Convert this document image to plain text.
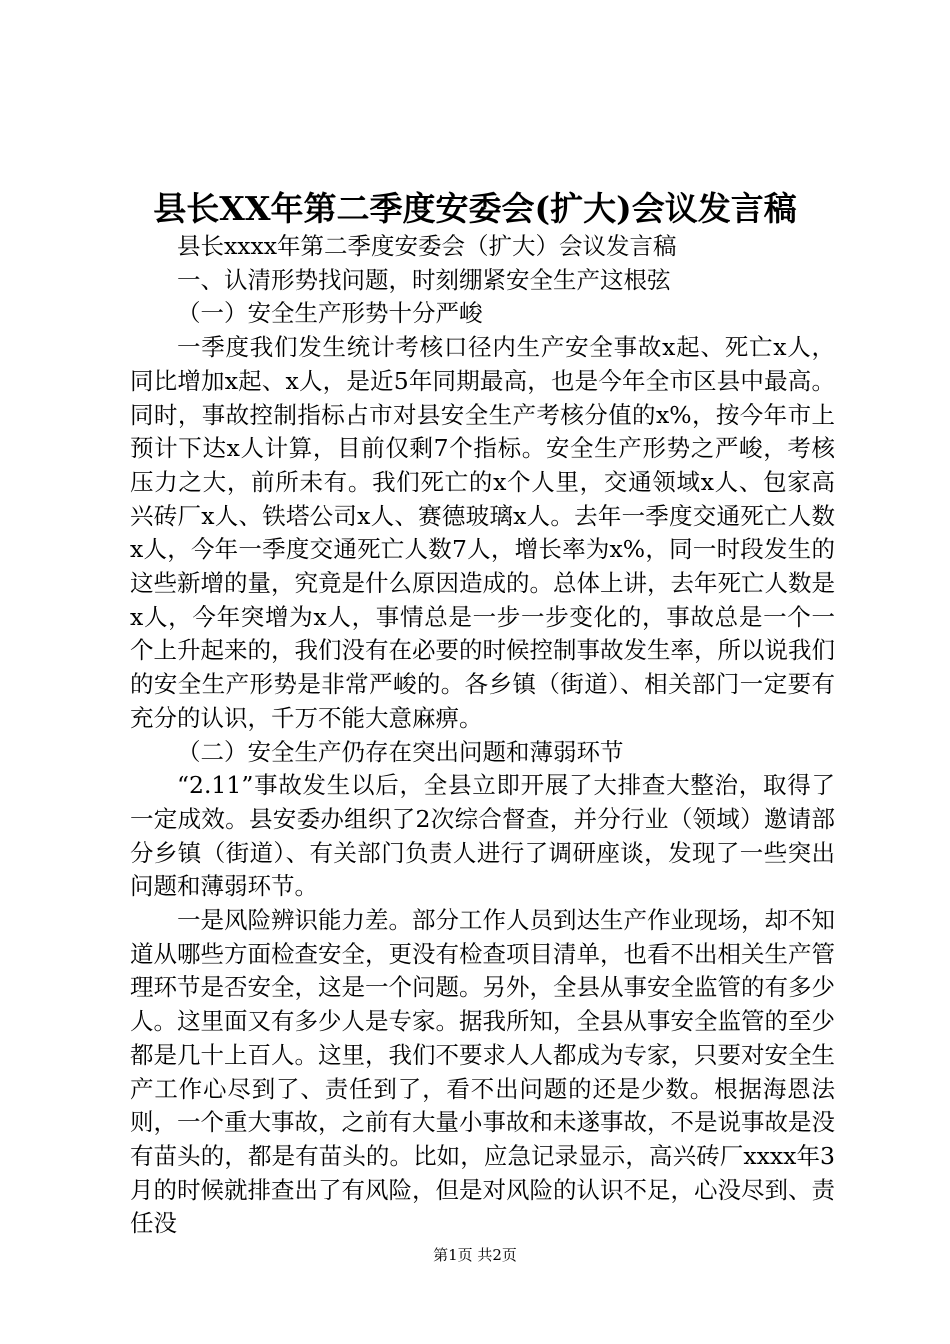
县长XX年第二季度安委会(扩大)会议发言稿

县长xxxx年第二季度安委会（扩大）会议发言稿

一、认清形势找问题，时刻绷紧安全生产这根弦

（一）安全生产形势十分严峻

一季度我们发生统计考核口径内生产安全事故x起、死亡x人，同比增加x起、x人，是近5年同期最高，也是今年全市区县中最高。同时，事故控制指标占市对县安全生产考核分值的x%，按今年市上预计下达x人计算，目前仅剩7个指标。安全生产形势之严峻，考核压力之大，前所未有。我们死亡的x个人里，交通领域x人、包家高兴砖厂x人、铁塔公司x人、赛德玻璃x人。去年一季度交通死亡人数x人，今年一季度交通死亡人数7人，增长率为x%，同一时段发生的这些新增的量，究竟是什么原因造成的。总体上讲，去年死亡人数是x人，今年突增为x人，事情总是一步一步变化的，事故总是一个一个上升起来的，我们没有在必要的时候控制事故发生率，所以说我们的安全生产形势是非常严峻的。各乡镇（街道）、相关部门一定要有充分的认识，千万不能大意麻痹。

（二）安全生产仍存在突出问题和薄弱环节

“2.11”事故发生以后，全县立即开展了大排查大整治，取得了一定成效。县安委办组织了2次综合督查，并分行业（领域）邀请部分乡镇（街道）、有关部门负责人进行了调研座谈，发现了一些突出问题和薄弱环节。

一是风险辨识能力差。部分工作人员到达生产作业现场，却不知道从哪些方面检查安全，更没有检查项目清单，也看不出相关生产管理环节是否安全，这是一个问题。另外，全县从事安全监管的有多少人。这里面又有多少人是专家。据我所知，全县从事安全监管的至少都是几十上百人。这里，我们不要求人人都成为专家，只要对安全生产工作心尽到了、责任到了，看不出问题的还是少数。根据海恩法则，一个重大事故，之前有大量小事故和未遂事故，不是说事故是没有苗头的，都是有苗头的。比如，应急记录显示，高兴砖厂xxxx年3月的时候就排查出了有风险，但是对风险的认识不足，心没尽到、责任没

第1页 共2页
